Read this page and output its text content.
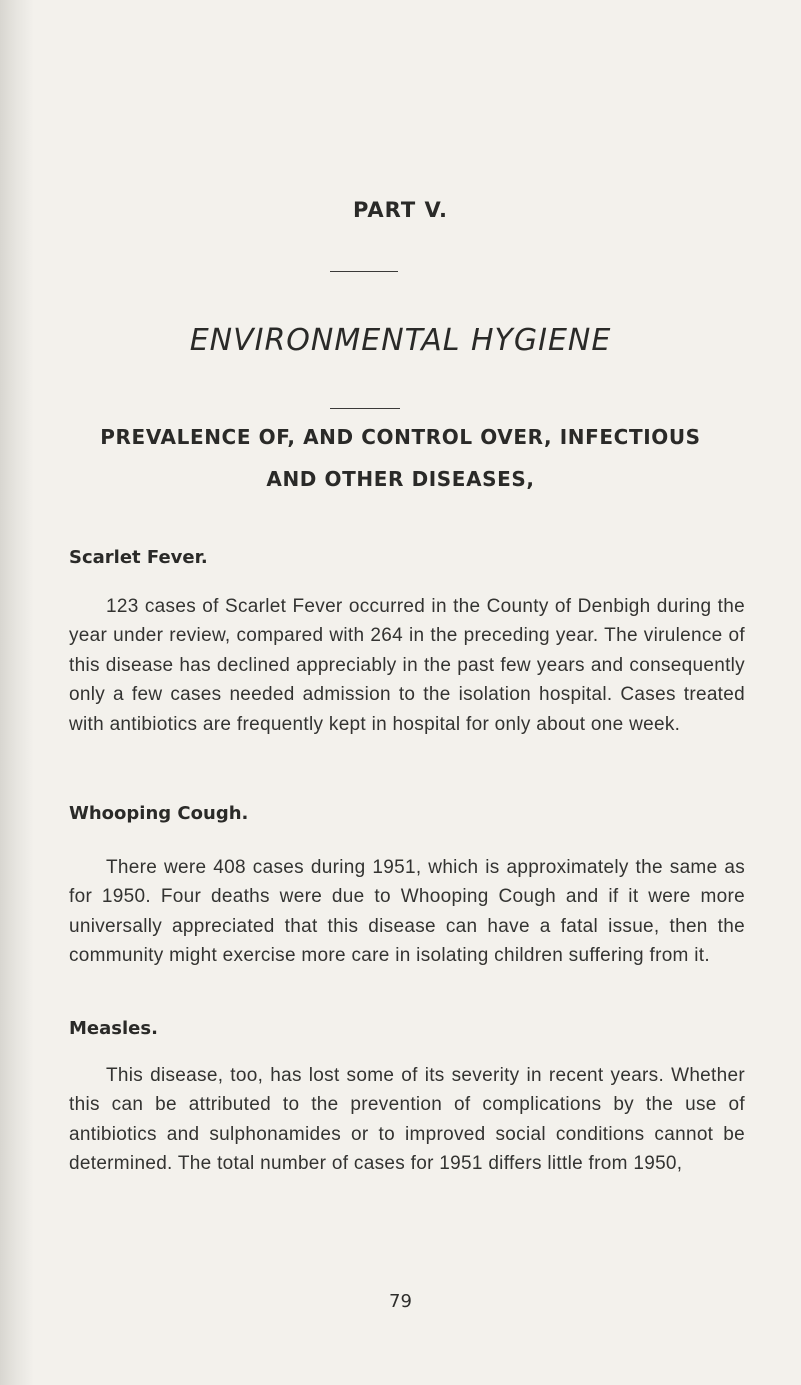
PART V.
ENVIRONMENTAL HYGIENE
PREVALENCE OF, AND CONTROL OVER, INFECTIOUS
AND OTHER DISEASES,
Scarlet Fever.

123 cases of Scarlet Fever occurred in the County of Denbigh during the year under review, compared with 264 in the preceding year. The virulence of this disease has declined appreciably in the past few years and consequently only a few cases needed admission to the isolation hospital. Cases treated with antibiotics are frequently kept in hospital for only about one week.

Whooping Cough.

There were 408 cases during 1951, which is approximately the same as for 1950. Four deaths were due to Whooping Cough and if it were more universally appreciated that this disease can have a fatal issue, then the community might exercise more care in isolating children suffering from it.

Measles.

This disease, too, has lost some of its severity in recent years. Whether this can be attributed to the prevention of complications by the use of antibiotics and sulphonamides or to improved social conditions cannot be determined. The total number of cases for 1951 differs little from 1950,

79
